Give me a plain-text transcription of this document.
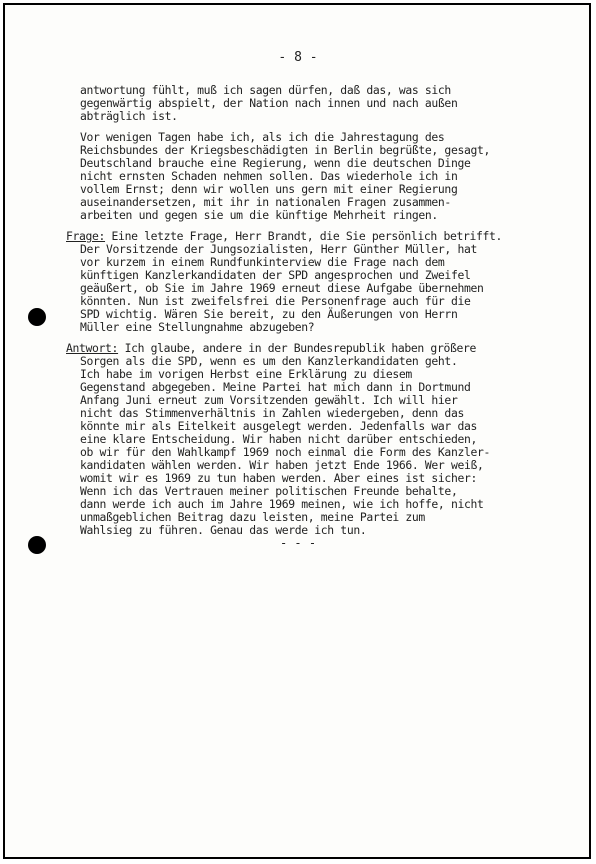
- 8 -
antwortung fühlt, muß ich sagen dürfen, daß das, was sich
gegenwärtig abspielt, der Nation nach innen und nach außen
abträglich ist.
Vor wenigen Tagen habe ich, als ich die Jahrestagung des
Reichsbundes der Kriegsbeschädigten in Berlin begrüßte, gesagt,
Deutschland brauche eine Regierung, wenn die deutschen Dinge
nicht ernsten Schaden nehmen sollen. Das wiederhole ich in
vollem Ernst; denn wir wollen uns gern mit einer Regierung
auseinandersetzen, mit ihr in nationalen Fragen zusammen-
arbeiten und gegen sie um die künftige Mehrheit ringen.
Frage: Eine letzte Frage, Herr Brandt, die Sie persönlich betrifft.
Der Vorsitzende der Jungsozialisten, Herr Günther Müller, hat
vor kurzem in einem Rundfunkinterview die Frage nach dem
künftigen Kanzlerkandidaten der SPD angesprochen und Zweifel
geäußert, ob Sie im Jahre 1969 erneut diese Aufgabe übernehmen
könnten. Nun ist zweifelsfrei die Personenfrage auch für die
SPD wichtig. Wären Sie bereit, zu den Äußerungen von Herrn
Müller eine Stellungnahme abzugeben?
Antwort: Ich glaube, andere in der Bundesrepublik haben größere
Sorgen als die SPD, wenn es um den Kanzlerkandidaten geht.
Ich habe im vorigen Herbst eine Erklärung zu diesem
Gegenstand abgegeben. Meine Partei hat mich dann in Dortmund
Anfang Juni erneut zum Vorsitzenden gewählt. Ich will hier
nicht das Stimmenverhältnis in Zahlen wiedergeben, denn das
könnte mir als Eitelkeit ausgelegt werden. Jedenfalls war das
eine klare Entscheidung. Wir haben nicht darüber entschieden,
ob wir für den Wahlkampf 1969 noch einmal die Form des Kanzler-
kandidaten wählen werden. Wir haben jetzt Ende 1966. Wer weiß,
womit wir es 1969 zu tun haben werden. Aber eines ist sicher:
Wenn ich das Vertrauen meiner politischen Freunde behalte,
dann werde ich auch im Jahre 1969 meinen, wie ich hoffe, nicht
unmaßgeblichen Beitrag dazu leisten, meine Partei zum
Wahlsieg zu führen. Genau das werde ich tun.
- - -
